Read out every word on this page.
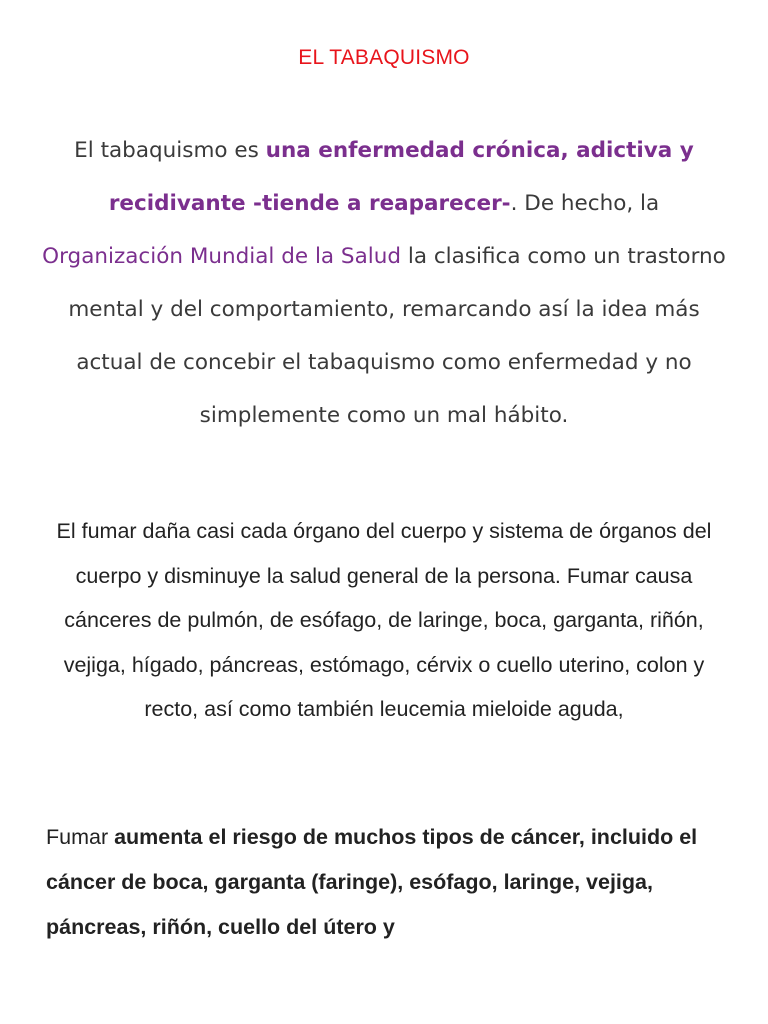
EL TABAQUISMO
El tabaquismo es una enfermedad crónica, adictiva y recidivante -tiende a reaparecer-. De hecho, la Organización Mundial de la Salud la clasifica como un trastorno mental y del comportamiento, remarcando así la idea más actual de concebir el tabaquismo como enfermedad y no simplemente como un mal hábito.
El fumar daña casi cada órgano del cuerpo y sistema de órganos del cuerpo y disminuye la salud general de la persona. Fumar causa cánceres de pulmón, de esófago, de laringe, boca, garganta, riñón, vejiga, hígado, páncreas, estómago, cérvix o cuello uterino, colon y recto, así como también leucemia mieloide aguda,
Fumar aumenta el riesgo de muchos tipos de cáncer, incluido el cáncer de boca, garganta (faringe), esófago, laringe, vejiga, páncreas, riñón, cuello del útero y
